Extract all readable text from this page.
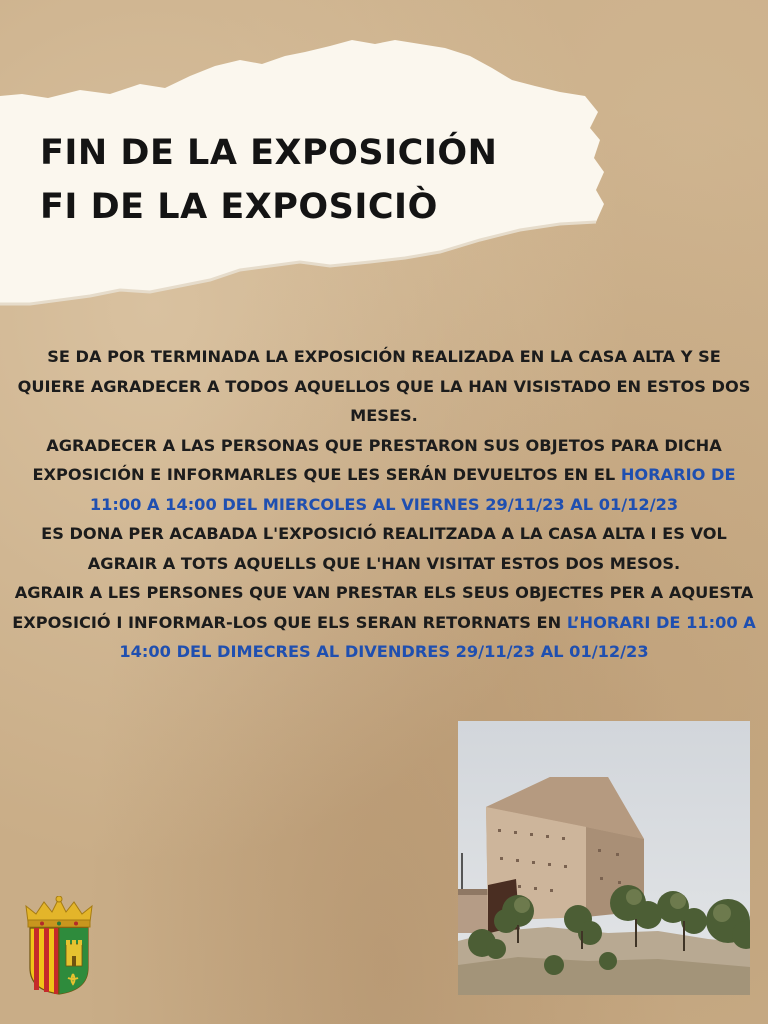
FIN DE LA EXPOSICIÓN
FI DE LA EXPOSICIÒ

SE DA POR TERMINADA LA EXPOSICIÓN REALIZADA EN LA CASA ALTA Y SE QUIERE AGRADECER A TODOS AQUELLOS QUE LA HAN VISISTADO EN ESTOS DOS MESES.

AGRADECER A LAS PERSONAS QUE PRESTARON SUS OBJETOS PARA DICHA EXPOSICIÓN E INFORMARLES QUE LES SERÁN DEVUELTOS EN EL HORARIO DE 11:00 A 14:00 DEL MIERCOLES AL VIERNES 29/11/23 AL 01/12/23

ES DONA PER ACABADA L'EXPOSICIÓ REALITZADA A LA CASA ALTA I ES VOL AGRAIR A TOTS AQUELLS QUE L'HAN VISITAT ESTOS DOS MESOS.

AGRAIR A LES PERSONES QUE VAN PRESTAR ELS SEUS OBJECTES PER A AQUESTA EXPOSICIÓ I INFORMAR-LOS QUE ELS SERAN RETORNATS EN L’HORARI DE 11:00 A 14:00 DEL DIMECRES AL DIVENDRES 29/11/23 AL 01/12/23
